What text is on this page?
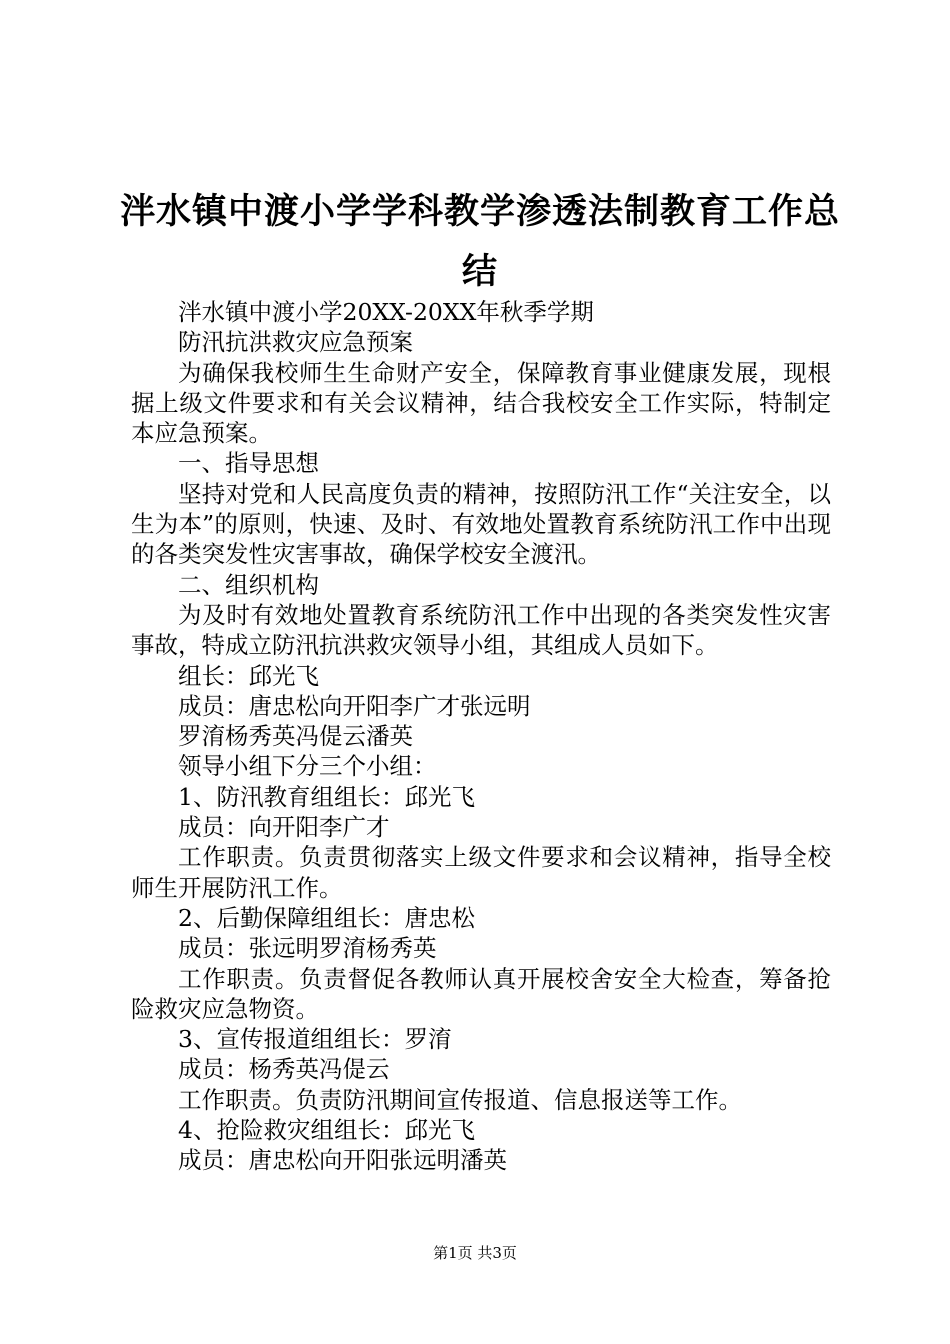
泮水镇中渡小学学科教学渗透法制教育工作总结

泮水镇中渡小学20XX-20XX年秋季学期

防汛抗洪救灾应急预案

为确保我校师生生命财产安全，保障教育事业健康发展，现根据上级文件要求和有关会议精神，结合我校安全工作实际，特制定本应急预案。

一、指导思想

坚持对党和人民高度负责的精神，按照防汛工作“关注安全，以生为本”的原则，快速、及时、有效地处置教育系统防汛工作中出现的各类突发性灾害事故，确保学校安全渡汛。

二、组织机构

为及时有效地处置教育系统防汛工作中出现的各类突发性灾害事故，特成立防汛抗洪救灾领导小组，其组成人员如下。

组长：邱光飞

成员：唐忠松向开阳李广才张远明

罗淯杨秀英冯偍云潘英

领导小组下分三个小组：

1、防汛教育组组长：邱光飞

成员：向开阳李广才

工作职责。负责贯彻落实上级文件要求和会议精神，指导全校师生开展防汛工作。

2、后勤保障组组长：唐忠松

成员：张远明罗淯杨秀英

工作职责。负责督促各教师认真开展校舍安全大检查，筹备抢险救灾应急物资。

3、宣传报道组组长：罗淯

成员：杨秀英冯偍云

工作职责。负责防汛期间宣传报道、信息报送等工作。

4、抢险救灾组组长：邱光飞

成员：唐忠松向开阳张远明潘英

第1页 共3页
